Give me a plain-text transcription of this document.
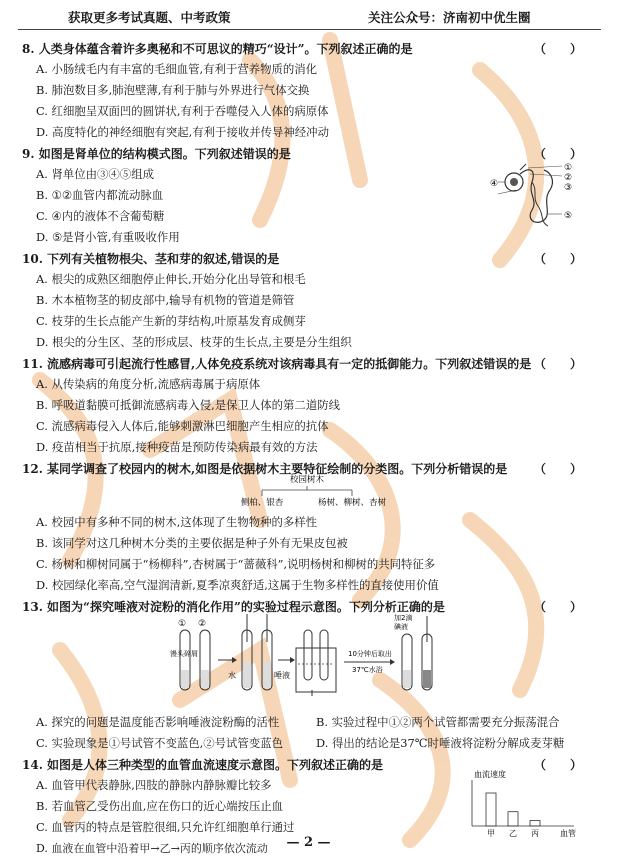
获取更多考试真题、中考政策	关注公众号：济南初中优生圈
8. 人类身体蕴含着许多奥秘和不可思议的精巧“设计”。下列叙述正确的是	（　　）
A. 小肠绒毛内有丰富的毛细血管,有利于营养物质的消化
B. 肺泡数目多,肺泡壁薄,有利于肺与外界进行气体交换
C. 红细胞呈双面凹的圆饼状,有利于吞噬侵入人体的病原体
D. 高度特化的神经细胞有突起,有利于接收并传导神经冲动
9. 如图是肾单位的结构模式图。下列叙述错误的是	（　　）
A. 肾单位由③④⑤组成
B. ①②血管内都流动脉血
C. ④内的液体不含葡萄糖
D. ⑤是肾小管,有重吸收作用
①
②
③
④
⑤
10. 下列有关植物根尖、茎和芽的叙述,错误的是	（　　）
A. 根尖的成熟区细胞停止伸长,开始分化出导管和根毛
B. 木本植物茎的韧皮部中,输导有机物的管道是筛管
C. 枝芽的生长点能产生新的芽结构,叶原基发育成侧芽
D. 根尖的分生区、茎的形成层、枝芽的生长点,主要是分生组织
11. 流感病毒可引起流行性感冒,人体免疫系统对该病毒具有一定的抵御能力。下列叙述错误的是 （　　）
A. 从传染病的角度分析,流感病毒属于病原体
B. 呼吸道黏膜可抵御流感病毒入侵,是保卫人体的第二道防线
C. 流感病毒侵入人体后,能够刺激淋巴细胞产生相应的抗体
D. 疫苗相当于抗原,接种疫苗是预防传染病最有效的方法
12. 某同学调查了校园内的树木,如图是依据树木主要特征绘制的分类图。下列分析错误的是 （　　）
校园树木
侧柏、银杏	杨树、柳树、杏树
A. 校园中有多种不同的树木,这体现了生物物种的多样性
B. 该同学对这几种树木分类的主要依据是种子外有无果皮包被
C. 杨树和柳树同属于“杨柳科”,杏树属于“蔷薇科”,说明杨树和柳树的共同特征多
D. 校园绿化率高,空气湿润清新,夏季凉爽舒适,这属于生物多样性的直接使用价值
13. 如图为“探究唾液对淀粉的消化作用”的实验过程示意图。下列分析正确的是	（　　）
① ②
馒头碎屑
水	唾液
10分钟后取出
37℃水浴
加2滴
碘液
A. 探究的问题是温度能否影响唾液淀粉酶的活性	B. 实验过程中①②两个试管都需要充分振荡混合
C. 实验现象是①号试管不变蓝色,②号试管变蓝色	D. 得出的结论是37℃时唾液将淀粉分解成麦芽糖
14. 如图是人体三种类型的血管血流速度示意图。下列叙述正确的是	（　　）
A. 血管甲代表静脉,四肢的静脉内静脉瓣比较多
B. 若血管乙受伤出血,应在伤口的近心端按压止血
C. 血管丙的特点是管腔很细,只允许红细胞单行通过
D. 血液在血管中沿着甲→乙→丙的顺序依次流动
血流速度
血管
甲 乙 丙
— 2 —
